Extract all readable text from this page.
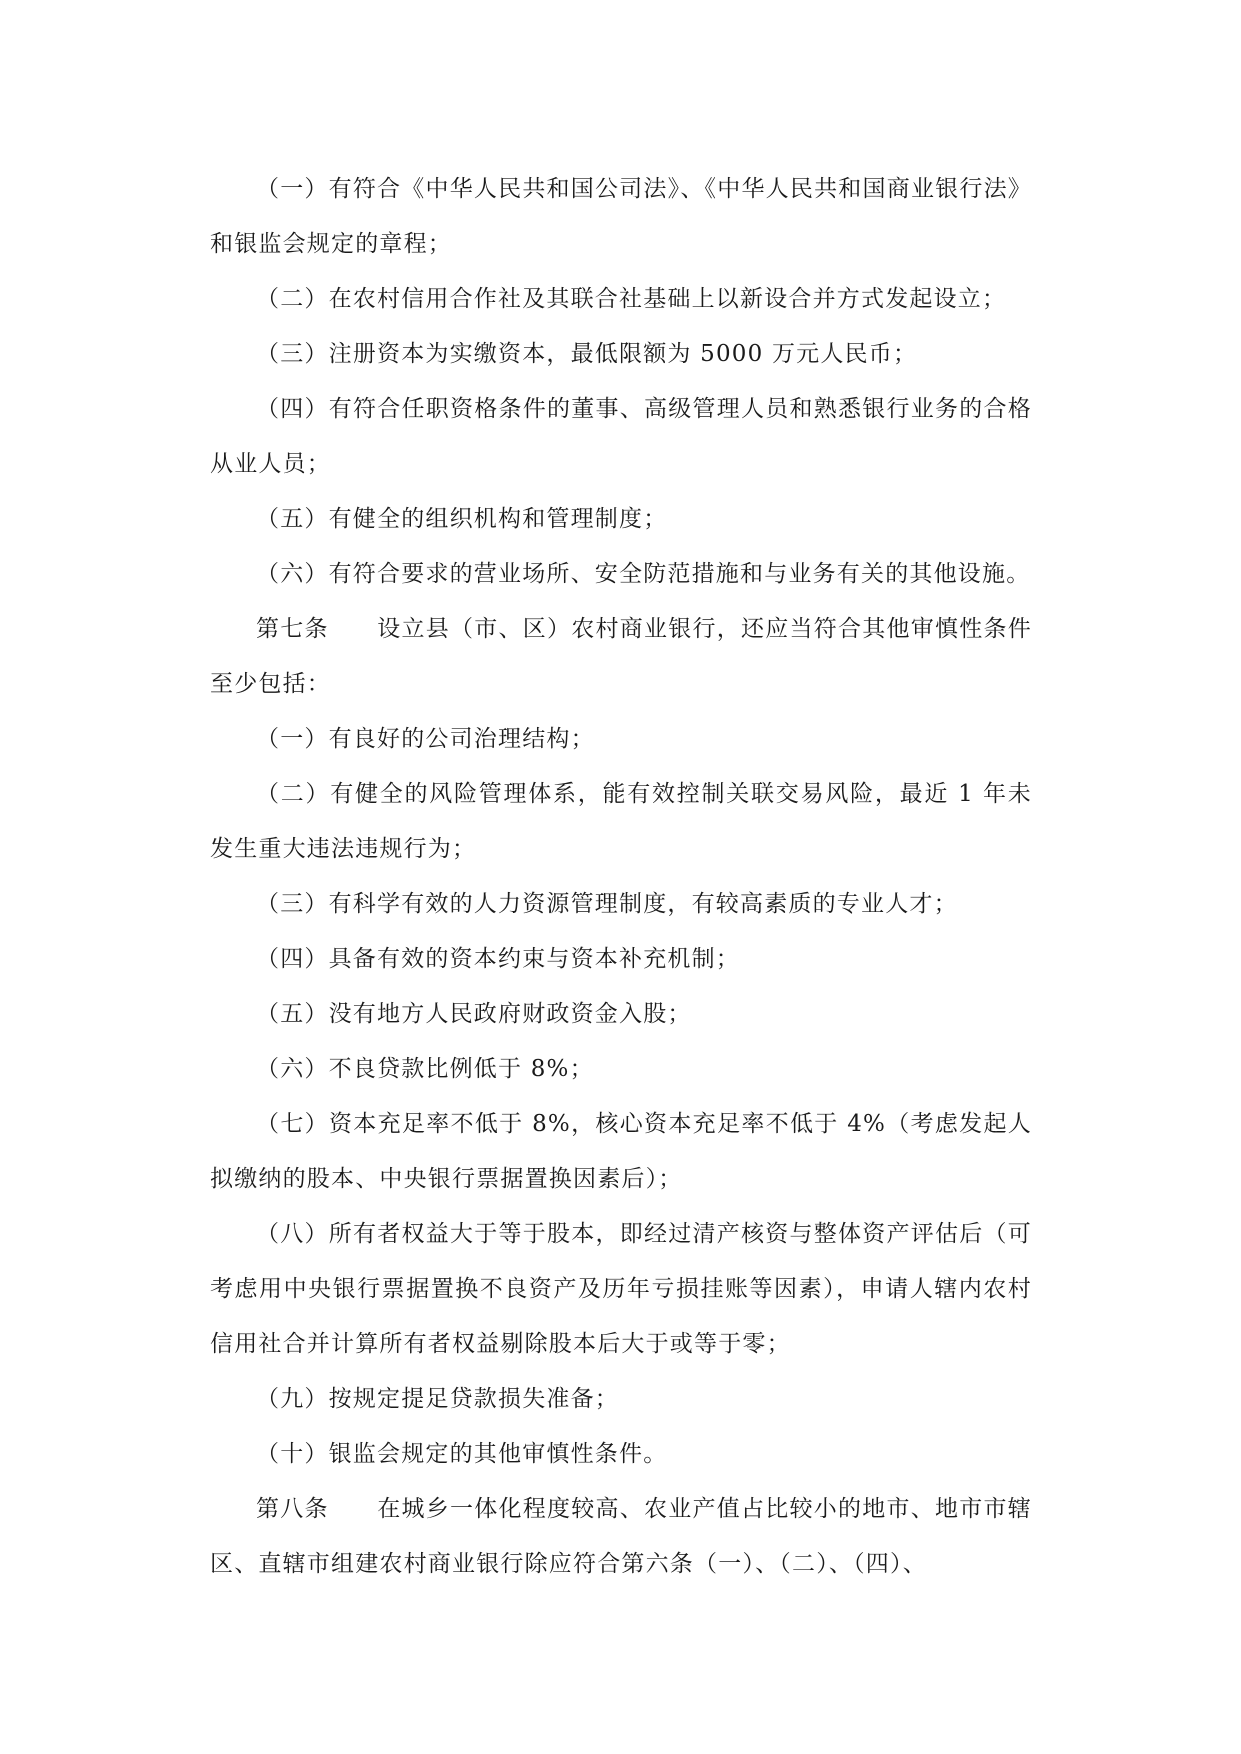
（一）有符合《中华人民共和国公司法》、《中华人民共和国商业银行法》和银监会规定的章程；

（二）在农村信用合作社及其联合社基础上以新设合并方式发起设立；

（三）注册资本为实缴资本，最低限额为 5000 万元人民币；

（四）有符合任职资格条件的董事、高级管理人员和熟悉银行业务的合格从业人员；

（五）有健全的组织机构和管理制度；

（六）有符合要求的营业场所、安全防范措施和与业务有关的其他设施。

第七条　　设立县（市、区）农村商业银行，还应当符合其他审慎性条件至少包括：

（一）有良好的公司治理结构；

（二）有健全的风险管理体系，能有效控制关联交易风险，最近 1 年未发生重大违法违规行为；

（三）有科学有效的人力资源管理制度，有较高素质的专业人才；

（四）具备有效的资本约束与资本补充机制；

（五）没有地方人民政府财政资金入股；

（六）不良贷款比例低于 8%；

（七）资本充足率不低于 8%，核心资本充足率不低于 4%（考虑发起人拟缴纳的股本、中央银行票据置换因素后）；

（八）所有者权益大于等于股本，即经过清产核资与整体资产评估后（可考虑用中央银行票据置换不良资产及历年亏损挂账等因素），申请人辖内农村信用社合并计算所有者权益剔除股本后大于或等于零；

（九）按规定提足贷款损失准备；

（十）银监会规定的其他审慎性条件。

第八条　　在城乡一体化程度较高、农业产值占比较小的地市、地市市辖区、直辖市组建农村商业银行除应符合第六条（一）、（二）、（四）、
